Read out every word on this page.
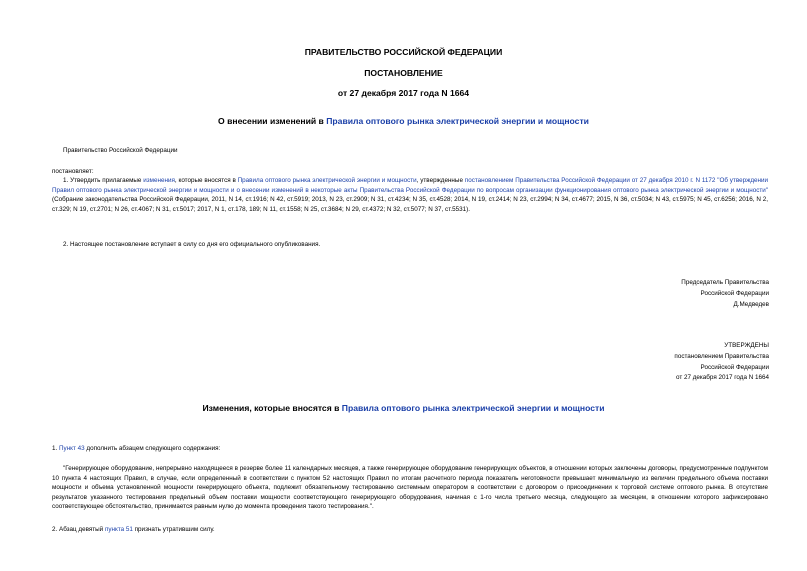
ПРАВИТЕЛЬСТВО РОССИЙСКОЙ ФЕДЕРАЦИИ
ПОСТАНОВЛЕНИЕ
от 27 декабря 2017 года N 1664
О внесении изменений в Правила оптового рынка электрической энергии и мощности
Правительство Российской Федерации
постановляет:
1. Утвердить прилагаемые изменения, которые вносятся в Правила оптового рынка электрической энергии и мощности, утвержденные постановлением Правительства Российской Федерации от 27 декабря 2010 г. N 1172 "Об утверждении Правил оптового рынка электрической энергии и мощности и о внесении изменений в некоторые акты Правительства Российской Федерации по вопросам организации функционирования оптового рынка электрической энергии и мощности" (Собрание законодательства Российской Федерации, 2011, N 14, ст.1916; N 42, ст.5919; 2013, N 23, ст.2909; N 31, ст.4234; N 35, ст.4528; 2014, N 19, ст.2414; N 23, ст.2994; N 34, ст.4677; 2015, N 36, ст.5034; N 43, ст.5975; N 45, ст.6256; 2016, N 2, ст.329; N 19, ст.2701; N 26, ст.4067; N 31, ст.5017; 2017, N 1, ст.178, 189; N 11, ст.1558; N 25, ст.3684; N 29, ст.4372; N 32, ст.5077; N 37, ст.5531).
2. Настоящее постановление вступает в силу со дня его официального опубликования.
Председатель Правительства
Российской Федерации
Д.Медведев
УТВЕРЖДЕНЫ
постановлением Правительства
Российской Федерации
от 27 декабря 2017 года N 1664
Изменения, которые вносятся в Правила оптового рынка электрической энергии и мощности
1. Пункт 43 дополнить абзацем следующего содержания:
"Генерирующее оборудование, непрерывно находящееся в резерве более 11 календарных месяцев, а также генерирующее оборудование генерирующих объектов, в отношении которых заключены договоры, предусмотренные подпунктом 10 пункта 4 настоящих Правил, в случае, если определенный в соответствии с пунктом 52 настоящих Правил по итогам расчетного периода показатель неготовности превышает минимальную из величин предельного объема поставки мощности и объема установленной мощности генерирующего объекта, подлежит обязательному тестированию системным оператором в соответствии с договором о присоединении к торговой системе оптового рынка. В отсутствие результатов указанного тестирования предельный объем поставки мощности соответствующего генерирующего оборудования, начиная с 1-го числа третьего месяца, следующего за месяцем, в отношении которого зафиксировано соответствующее обстоятельство, принимается равным нулю до момента проведения такого тестирования.".
2. Абзац девятый пункта 51 признать утратившим силу.
